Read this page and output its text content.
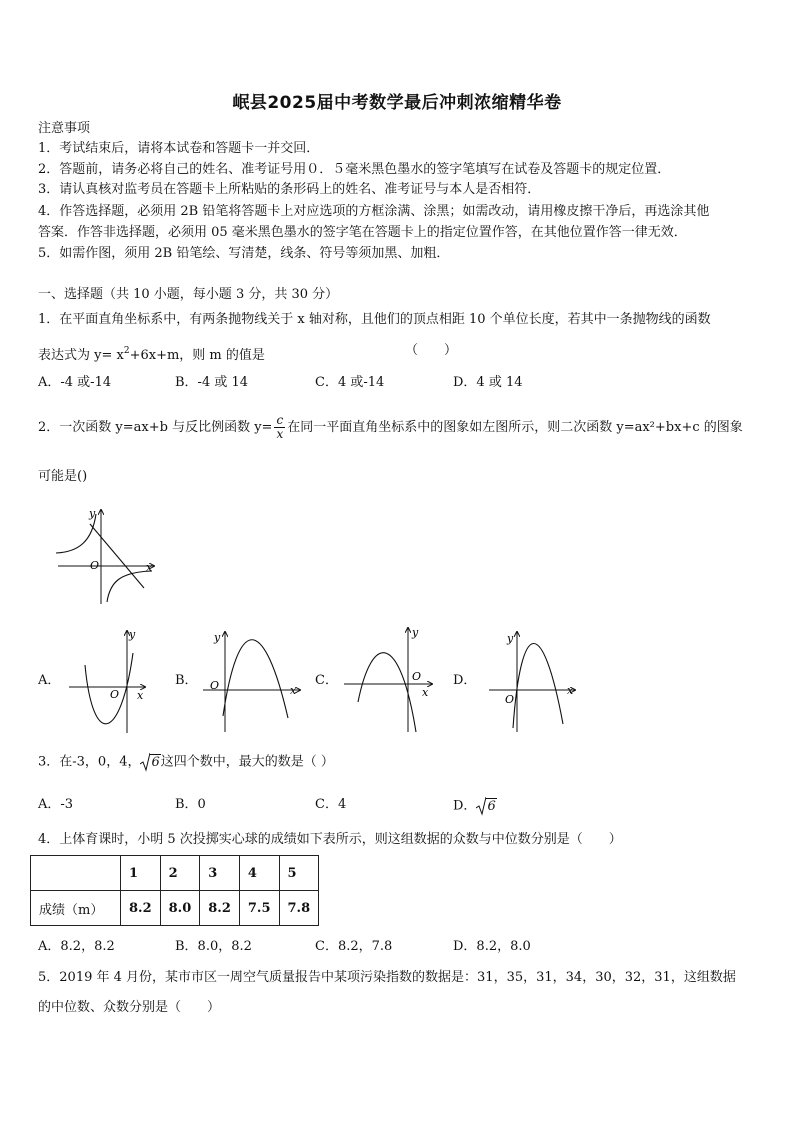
岷县2025届中考数学最后冲刺浓缩精华卷
注意事项
1．考试结束后，请将本试卷和答题卡一并交回．
2．答题前，请务必将自己的姓名、准考证号用０．５毫米黑色墨水的签字笔填写在试卷及答题卡的规定位置．
3．请认真核对监考员在答题卡上所粘贴的条形码上的姓名、准考证号与本人是否相符．
4．作答选择题，必须用 2B 铅笔将答题卡上对应选项的方框涂满、涂黑；如需改动，请用橡皮擦干净后，再选涂其他
答案．作答非选择题，必须用 05 毫米黑色墨水的签字笔在答题卡上的指定位置作答，在其他位置作答一律无效．
5．如需作图，须用 2B 铅笔绘、写清楚，线条、符号等须加黑、加粗．
一、选择题（共 10 小题，每小题 3 分，共 30 分）
1．在平面直角坐标系中，有两条抛物线关于 x 轴对称，且他们的顶点相距 10 个单位长度，若其中一条抛物线的函数
表达式为 $y= x^2+6x+m$，则 m 的值是	（　　）
A．-4 或-14	B．-4 或 14	C．4 或-14	D．4 或 14
2．一次函数 y=ax+b 与反比例函数 $y= \frac{c}{x}$ 在同一平面直角坐标系中的图象如左图所示，则二次函数 y=ax²+bx+c 的图象
可能是()
y
x
O
A．
y
x
O
B．
y
x
O	C．
y
x
O D．
y
x
O
3．在-3，0，4， 6这四个数中，最大的数是（ ）
A．-3	B．0	C．4	D． 6
4．上体育课时，小明 5 次投掷实心球的成绩如下表所示，则这组数据的众数与中位数分别是（　　）
	1	2	3	4	5
成绩（m）	8.2	8.0	8.2	7.5	7.8
A．8.2，8.2	B．8.0，8.2	C．8.2，7.8	D．8.2，8.0
5．2019 年 4 月份，某市市区一周空气质量报告中某项污染指数的数据是：31，35，31，34，30，32，31，这组数据
的中位数、众数分别是（　　）
